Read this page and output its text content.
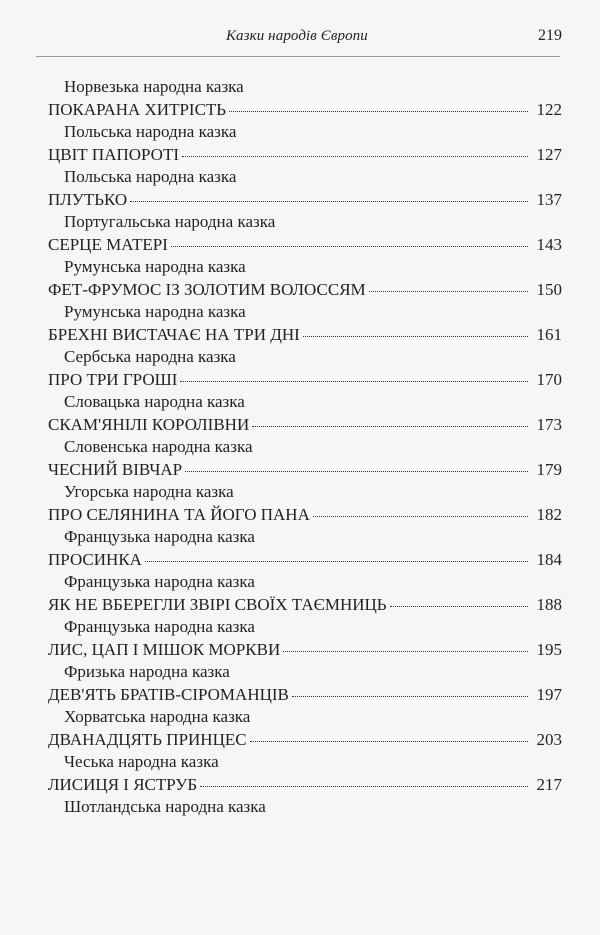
Казки народів Європи	219
Норвезька народна казка
ПОКАРАНА ХИТРІСТЬ	122
Польська народна казка
ЦВІТ ПАПОРОТІ	127
Польська народна казка
ПЛУТЬКО	137
Португальська народна казка
СЕРЦЕ МАТЕРІ	143
Румунська народна казка
ФЕТ-ФРУМОС ІЗ ЗОЛОТИМ ВОЛОССЯМ	150
Румунська народна казка
БРЕХНІ ВИСТАЧАЄ НА ТРИ ДНІ	161
Сербська народна казка
ПРО ТРИ ГРОШІ	170
Словацька народна казка
СКАМ'ЯНІЛІ КОРОЛІВНИ	173
Словенська народна казка
ЧЕСНИЙ ВІВЧАР	179
Угорська народна казка
ПРО СЕЛЯНИНА ТА ЙОГО ПАНА	182
Французька народна казка
ПРОСИНКА	184
Французька народна казка
ЯК НЕ ВБЕРЕГЛИ ЗВІРІ СВОЇХ ТАЄМНИЦЬ	188
Французька народна казка
ЛИС, ЦАП І МІШОК МОРКВИ	195
Фризька народна казка
ДЕВ'ЯТЬ БРАТІВ-СІРОМАНЦІВ	197
Хорватська народна казка
ДВАНАДЦЯТЬ ПРИНЦЕС	203
Чеська народна казка
ЛИСИЦЯ І ЯСТРУБ	217
Шотландська народна казка
